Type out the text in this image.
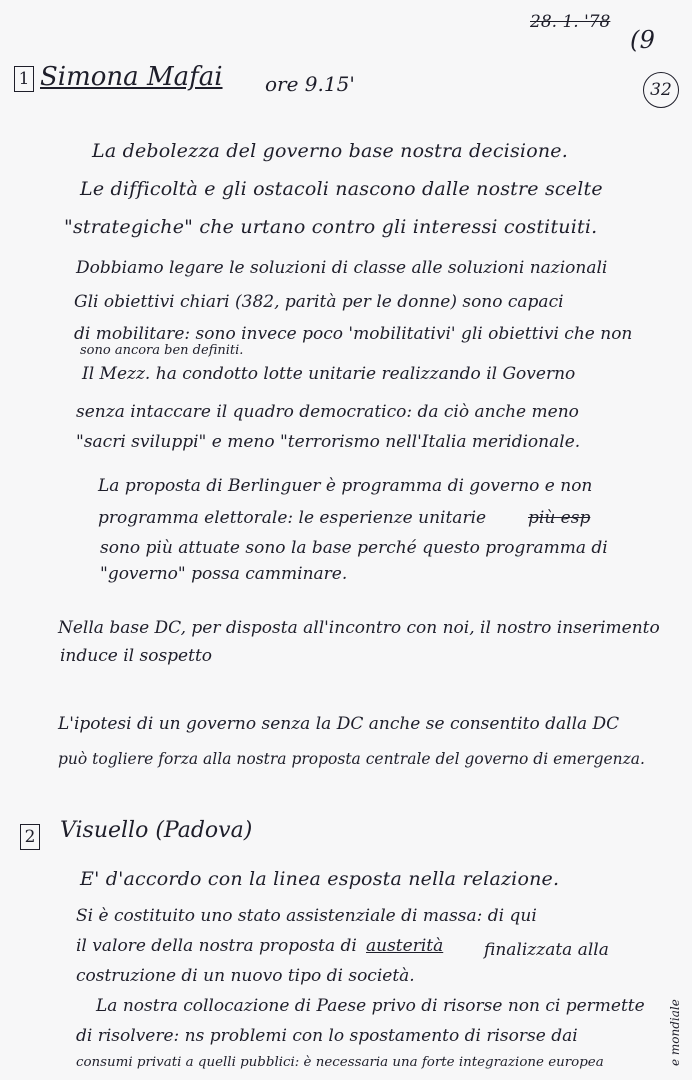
28. 1. '78
(9
32
1 Simona Mafai ore 9.15'
La debolezza del governo base nostra decisione.
Le difficoltà e gli ostacoli nascono dalle nostre scelte
"strategiche" che urtano contro gli interessi costituiti.
Dobbiamo legare le soluzioni di classe alle soluzioni nazionali
Gli obiettivi chiari (382, parità per le donne) sono capaci
di mobilitare: sono invece poco 'mobilitativi' gli obiettivi che non
sono ancora ben definiti.
Il Mezz. ha condotto lotte unitarie realizzando il Governo
senza intaccare il quadro democratico: da ciò anche meno
"sacri sviluppi" e meno "terrorismo nell'Italia meridionale.
La proposta di Berlinguer è programma di governo e non
programma elettorale: le esperienze unitarie più esp
sono più attuate sono la base perché questo programma di
"governo" possa camminare.
Nella base DC, per disposta all'incontro con noi, il nostro inserimento
induce il sospetto
L'ipotesi di un governo senza la DC anche se consentito dalla DC
può togliere forza alla nostra proposta centrale del governo di emergenza.
2 Visuello (Padova)
E' d'accordo con la linea esposta nella relazione.
Si è costituito uno stato assistenziale di massa: di qui
il valore della nostra proposta di austerità finalizzata alla
costruzione di un nuovo tipo di società.
La nostra collocazione di Paese privo di risorse non ci permette
di risolvere: ns problemi con lo spostamento di risorse dai
consumi privati a quelli pubblici: è necessaria una forte integrazione europea	e mondiale
